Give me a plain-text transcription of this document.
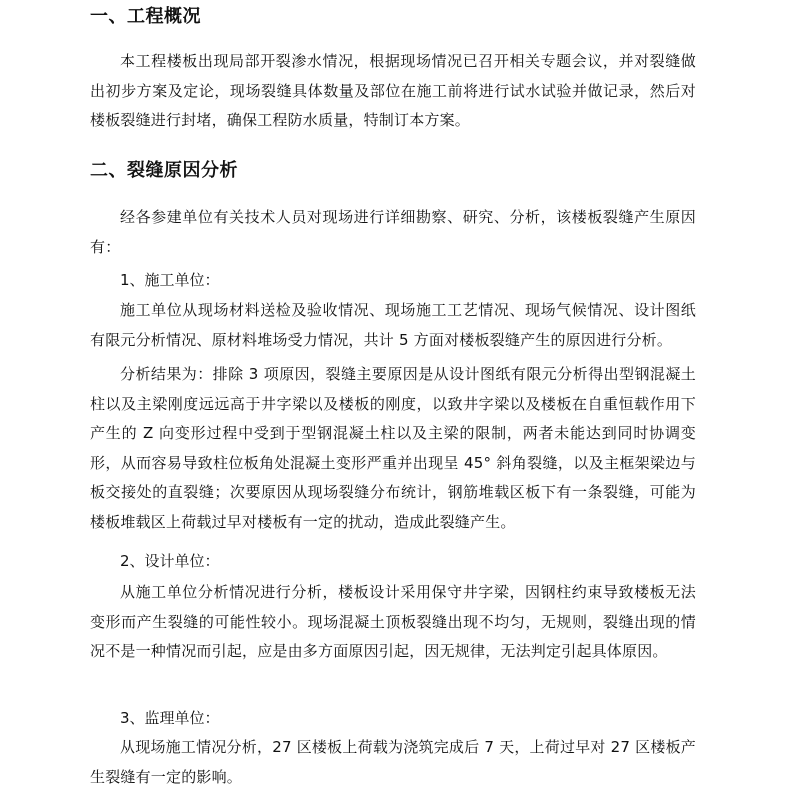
一、工程概况
本工程楼板出现局部开裂渗水情况，根据现场情况已召开相关专题会议，并对裂缝做出初步方案及定论，现场裂缝具体数量及部位在施工前将进行试水试验并做记录，然后对楼板裂缝进行封堵，确保工程防水质量，特制订本方案。
二、裂缝原因分析
经各参建单位有关技术人员对现场进行详细勘察、研究、分析，该楼板裂缝产生原因有：
1、施工单位：
施工单位从现场材料送检及验收情况、现场施工工艺情况、现场气候情况、设计图纸有限元分析情况、原材料堆场受力情况，共计 5 方面对楼板裂缝产生的原因进行分析。
分析结果为：排除 3 项原因，裂缝主要原因是从设计图纸有限元分析得出型钢混凝土柱以及主梁刚度远远高于井字梁以及楼板的刚度，以致井字梁以及楼板在自重恒载作用下产生的 Z 向变形过程中受到于型钢混凝土柱以及主梁的限制，两者未能达到同时协调变形，从而容易导致柱位板角处混凝土变形严重并出现呈 45° 斜角裂缝，以及主框架梁边与板交接处的直裂缝；次要原因从现场裂缝分布统计，钢筋堆载区板下有一条裂缝，可能为楼板堆载区上荷载过早对楼板有一定的扰动，造成此裂缝产生。
2、设计单位：
从施工单位分析情况进行分析，楼板设计采用保守井字梁，因钢柱约束导致楼板无法变形而产生裂缝的可能性较小。现场混凝土顶板裂缝出现不均匀，无规则，裂缝出现的情况不是一种情况而引起，应是由多方面原因引起，因无规律，无法判定引起具体原因。
3、监理单位：
从现场施工情况分析，27 区楼板上荷载为浇筑完成后 7 天，上荷过早对 27 区楼板产生裂缝有一定的影响。
